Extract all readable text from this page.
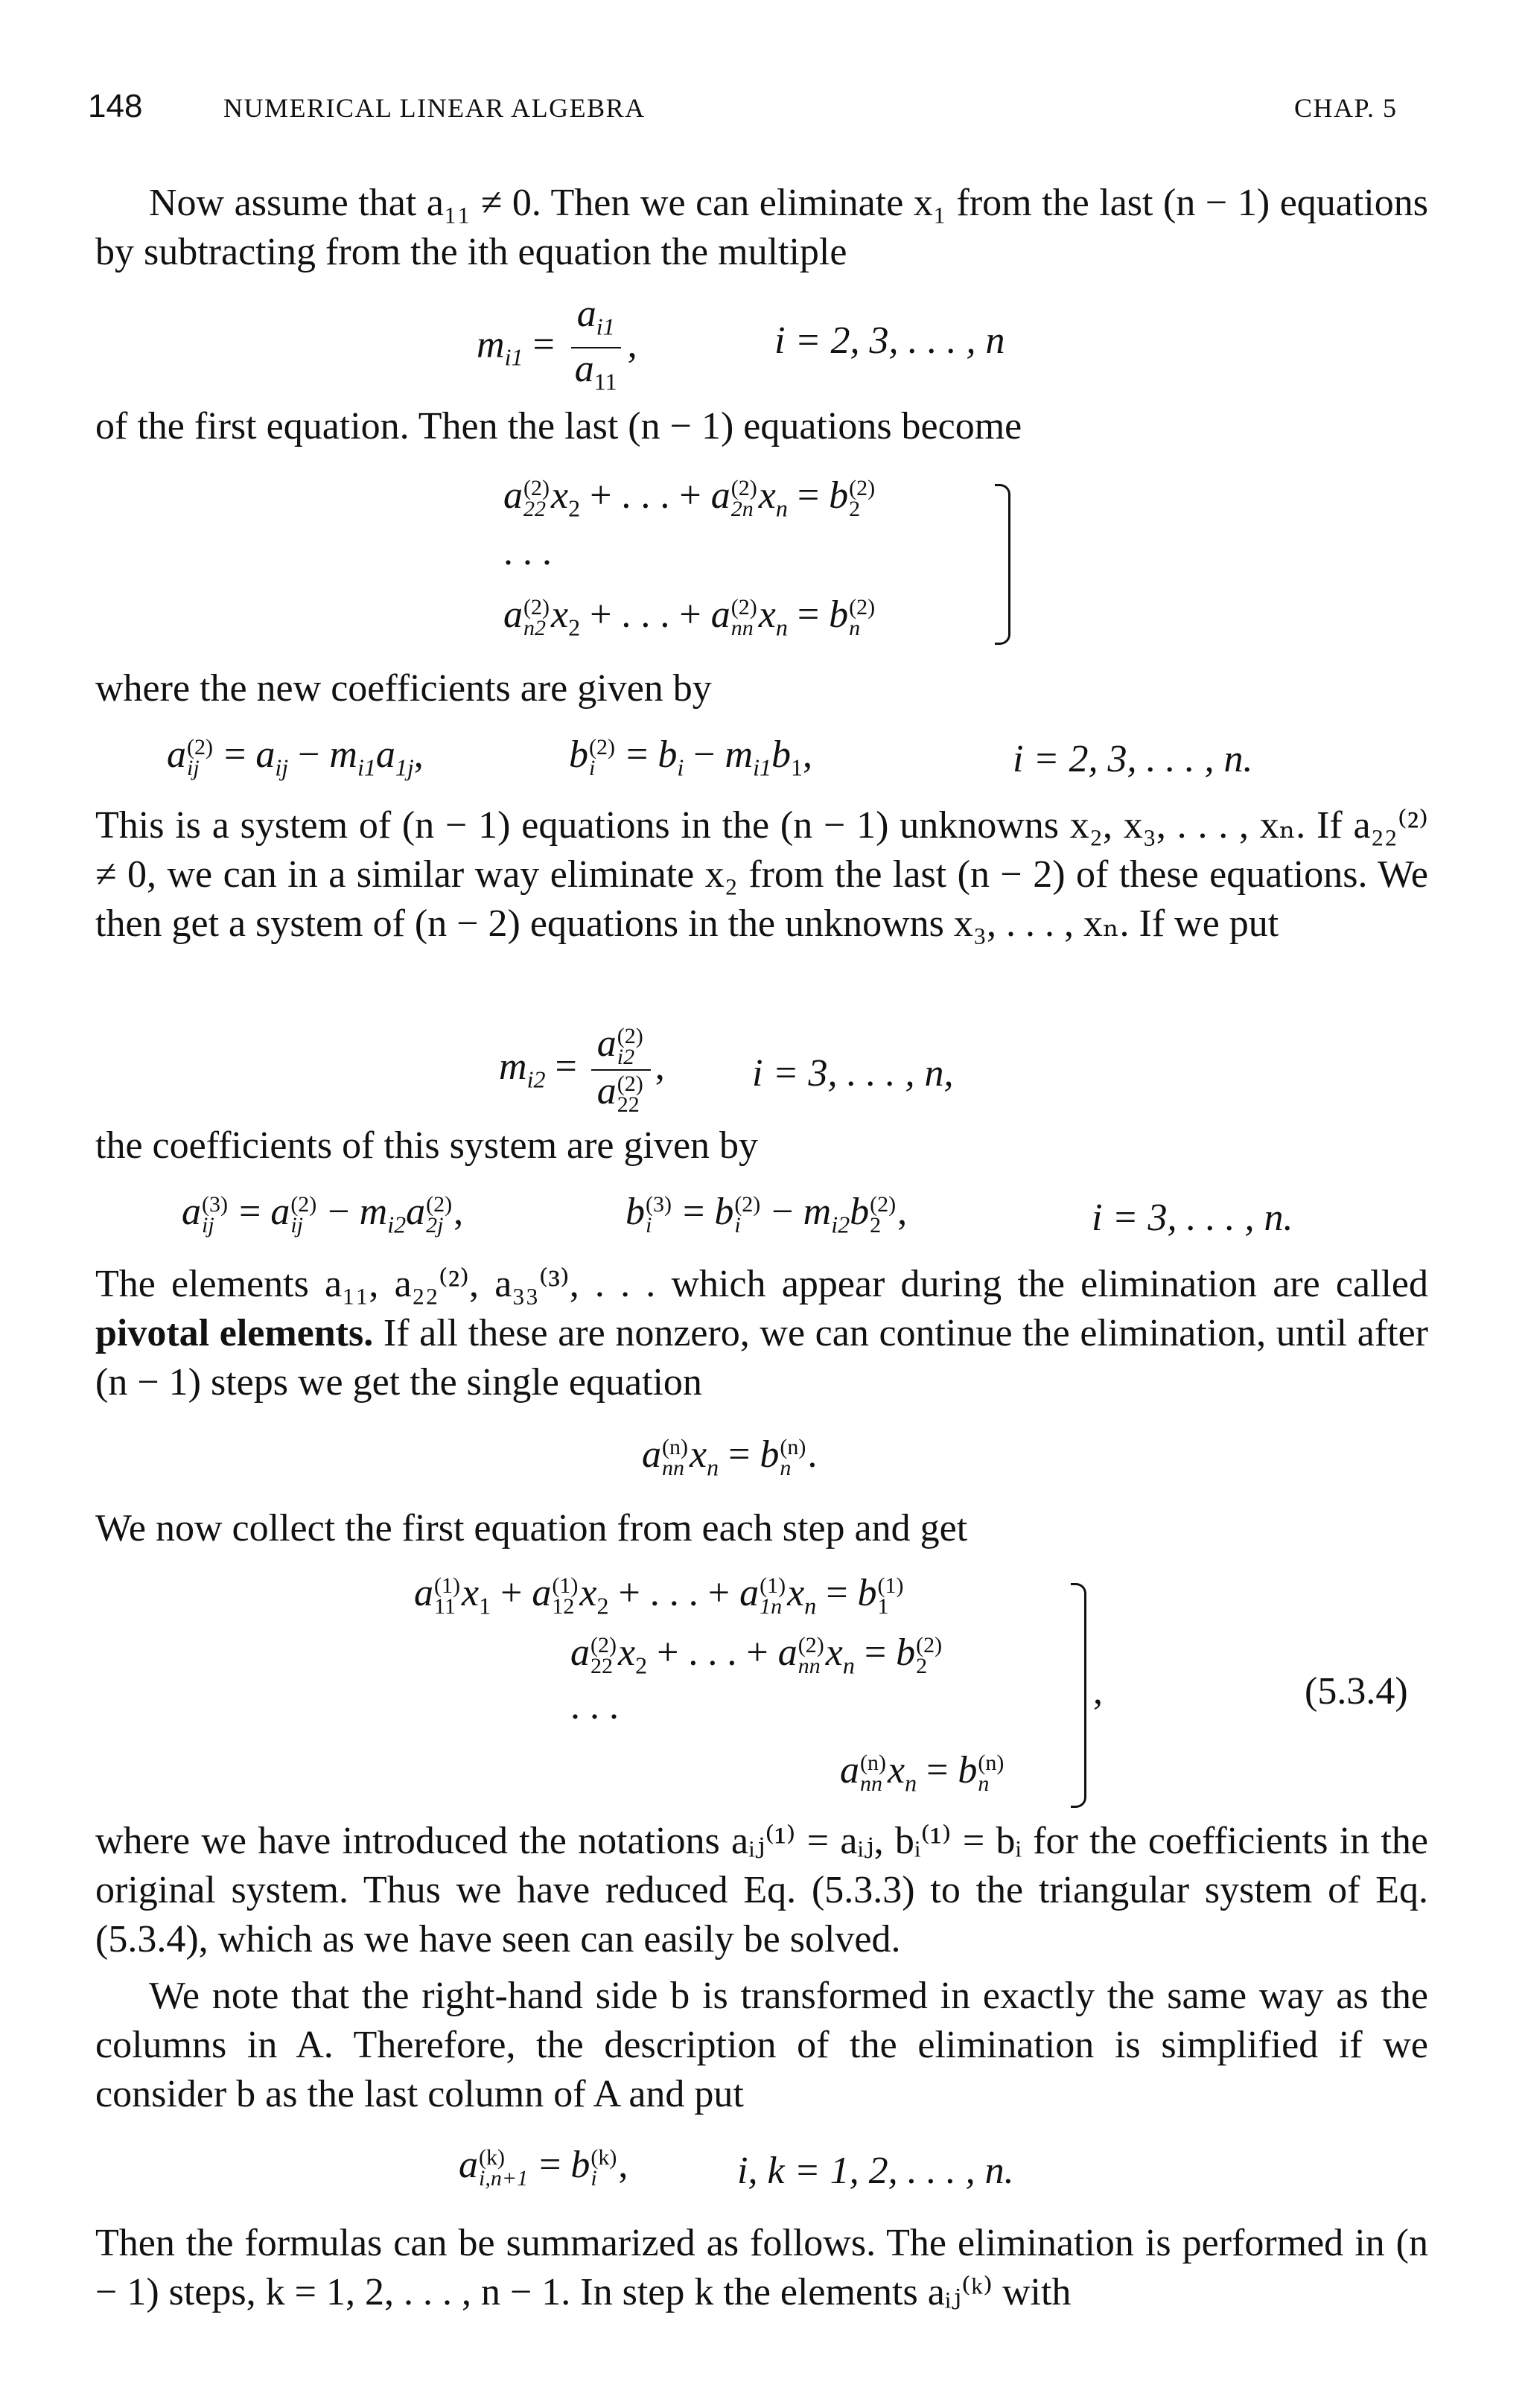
148	NUMERICAL LINEAR ALGEBRA	CHAP. 5
Now assume that a₁₁ ≠ 0. Then we can eliminate x₁ from the last (n − 1) equations by subtracting from the ith equation the multiple
$m_{i1} = \frac{a_{i1}}{a_{11}}$ ,	i = 2, 3, . . . , n
of the first equation. Then the last (n − 1) equations become
a (2)
22 $x_2$ + . . . + a (2)
2n $x_n = b$ (2)
2
. . .
a (2)
n2 $x_2$ + . . . + a (2)
nn $x_n = b$ (2)
n
where the new coefficients are given by
a (2)
ij = $a_{ij} - m_{i1}a_{1j}$,	b (2)
$i = b_i - m_{i1}b_1$,	i = 2, 3, . . . , n.
This is a system of (n − 1) equations in the (n − 1) unknowns x₂, x₃, . . . , xₙ. If a₂₂⁽²⁾ ≠ 0, we can in a similar way eliminate x₂ from the last (n − 2) of these equations. We then get a system of (n − 2) equations in the unknowns x₃, . . . , xₙ. If we put
$m_{i2} = a$ (2)
i2
a (2)
22 , i = 3, . . . , n,
the coefficients of this system are given by
a (3)
ij = a (2)
ij − $m_{i2}a$ (2)
2j ,	b (3)
i = b (2)
$i - m_{i2}b$ (2)
2 ,	i = 3, . . . , n.
The elements a₁₁, a₂₂⁽²⁾, a₃₃⁽³⁾, . . . which appear during the elimination are called pivotal elements. If all these are nonzero, we can continue the elimination, until after (n − 1) steps we get the single equation
a (n)
nn $x_n = b$ (n)
n .
We now collect the first equation from each step and get
a (1)
11 $x_1 + a$ (1)
12 $x_2$ + . . . + a (1)
1n $x_n = b$ (1)
1
a (2)
22 $x_2$ + . . . + a (2)
nn $x_n = b$ (2)
2
. . .
a (n)
nn $x_n = b$ (n)
n
,	(5.3.4)
where we have introduced the notations aᵢⱼ⁽¹⁾ = aᵢⱼ, bᵢ⁽¹⁾ = bᵢ for the coefficients in the original system. Thus we have reduced Eq. (5.3.3) to the triangular system of Eq. (5.3.4), which as we have seen can easily be solved.
We note that the right-hand side b is transformed in exactly the same way as the columns in A. Therefore, the description of the elimination is simplified if we consider b as the last column of A and put
a (k)
i,n+1 = b (k)
i ,	i, k = 1, 2, . . . , n.
Then the formulas can be summarized as follows. The elimination is performed in (n − 1) steps, k = 1, 2, . . . , n − 1. In step k the elements aᵢⱼ⁽ᵏ⁾ with
